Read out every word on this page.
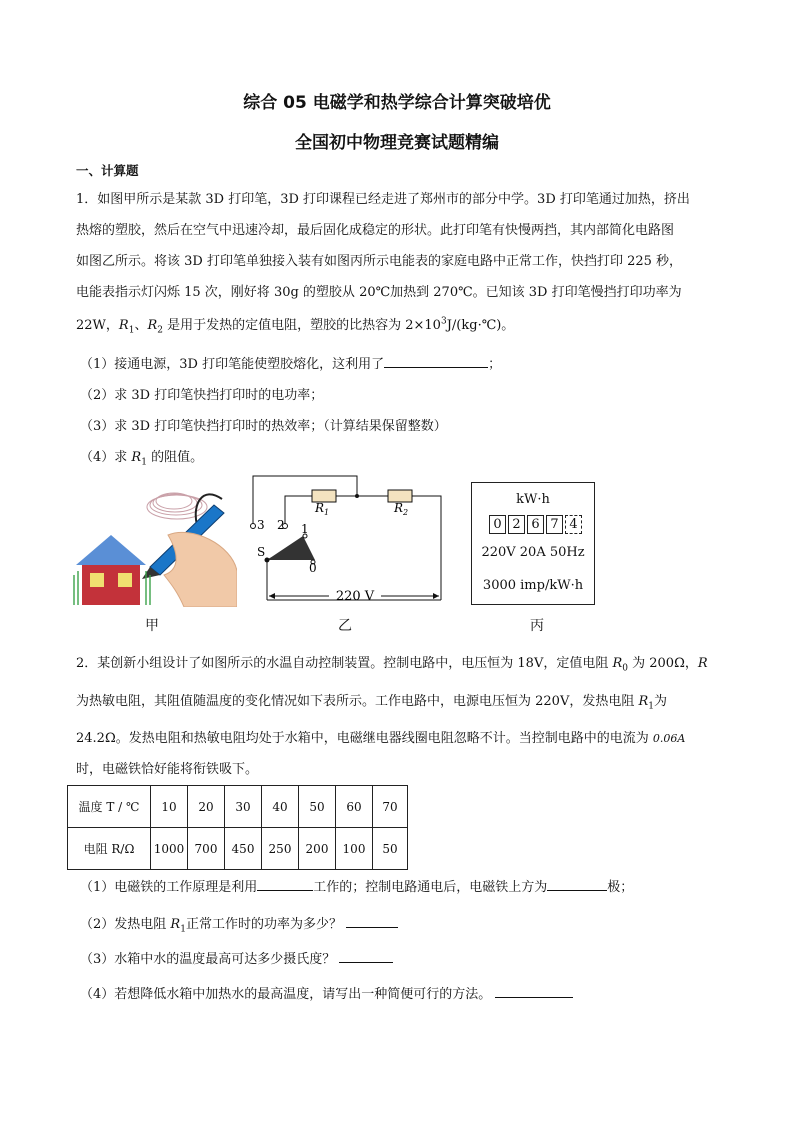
综合 05 电磁学和热学综合计算突破培优
全国初中物理竞赛试题精编
一、计算题
1．如图甲所示是某款 3D 打印笔，3D 打印课程已经走进了郑州市的部分中学。3D 打印笔通过加热，挤出
热熔的塑胶，然后在空气中迅速冷却，最后固化成稳定的形状。此打印笔有快慢两挡，其内部简化电路图
如图乙所示。将该 3D 打印笔单独接入装有如图丙所示电能表的家庭电路中正常工作，快挡打印 225 秒，
电能表指示灯闪烁 15 次，刚好将 30g 的塑胶从 20℃加热到 270℃。已知该 3D 打印笔慢挡打印功率为
22W，$R_1$、$R_2$ 是用于发热的定值电阻，塑胶的比热容为 $2\times 10^3J/(kg\cdot℃)$。
（1）接通电源，3D 打印笔能使塑胶熔化，这利用了	；
（2）求 3D 打印笔快挡打印时的电功率；
（3）求 3D 打印笔快挡打印时的热效率；（计算结果保留整数）
（4）求 $R_1$ 的阻值。
$R_1$	$R_2$
3 2 1
0
S
220 V
kW·h
0 2 6 7 4
220V 20A 50Hz
3000 imp/kW·h
甲	乙	丙
2．某创新小组设计了如图所示的水温自动控制装置。控制电路中，电压恒为 18V，定值电阻 $R_0$ 为 200Ω，R
为热敏电阻，其阻值随温度的变化情况如下表所示。工作电路中，电源电压恒为 220V，发热电阻 $R_1$为
24.2Ω。发热电阻和热敏电阻均处于水箱中，电磁继电器线圈电阻忽略不计。当控制电路中的电流为 0.06A
时，电磁铁恰好能将衔铁吸下。
温度 T / ℃	10	20	30	40	50	60	70
电阻 R/Ω	1000	700	450	250	200	100	50
（1）电磁铁的工作原理是利用	工作的；控制电路通电后，电磁铁上方为	极；
（2）发热电阻 $R_1$正常工作时的功率为多少？
（3）水箱中水的温度最高可达多少摄氏度？
（4）若想降低水箱中加热水的最高温度，请写出一种简便可行的方法。
